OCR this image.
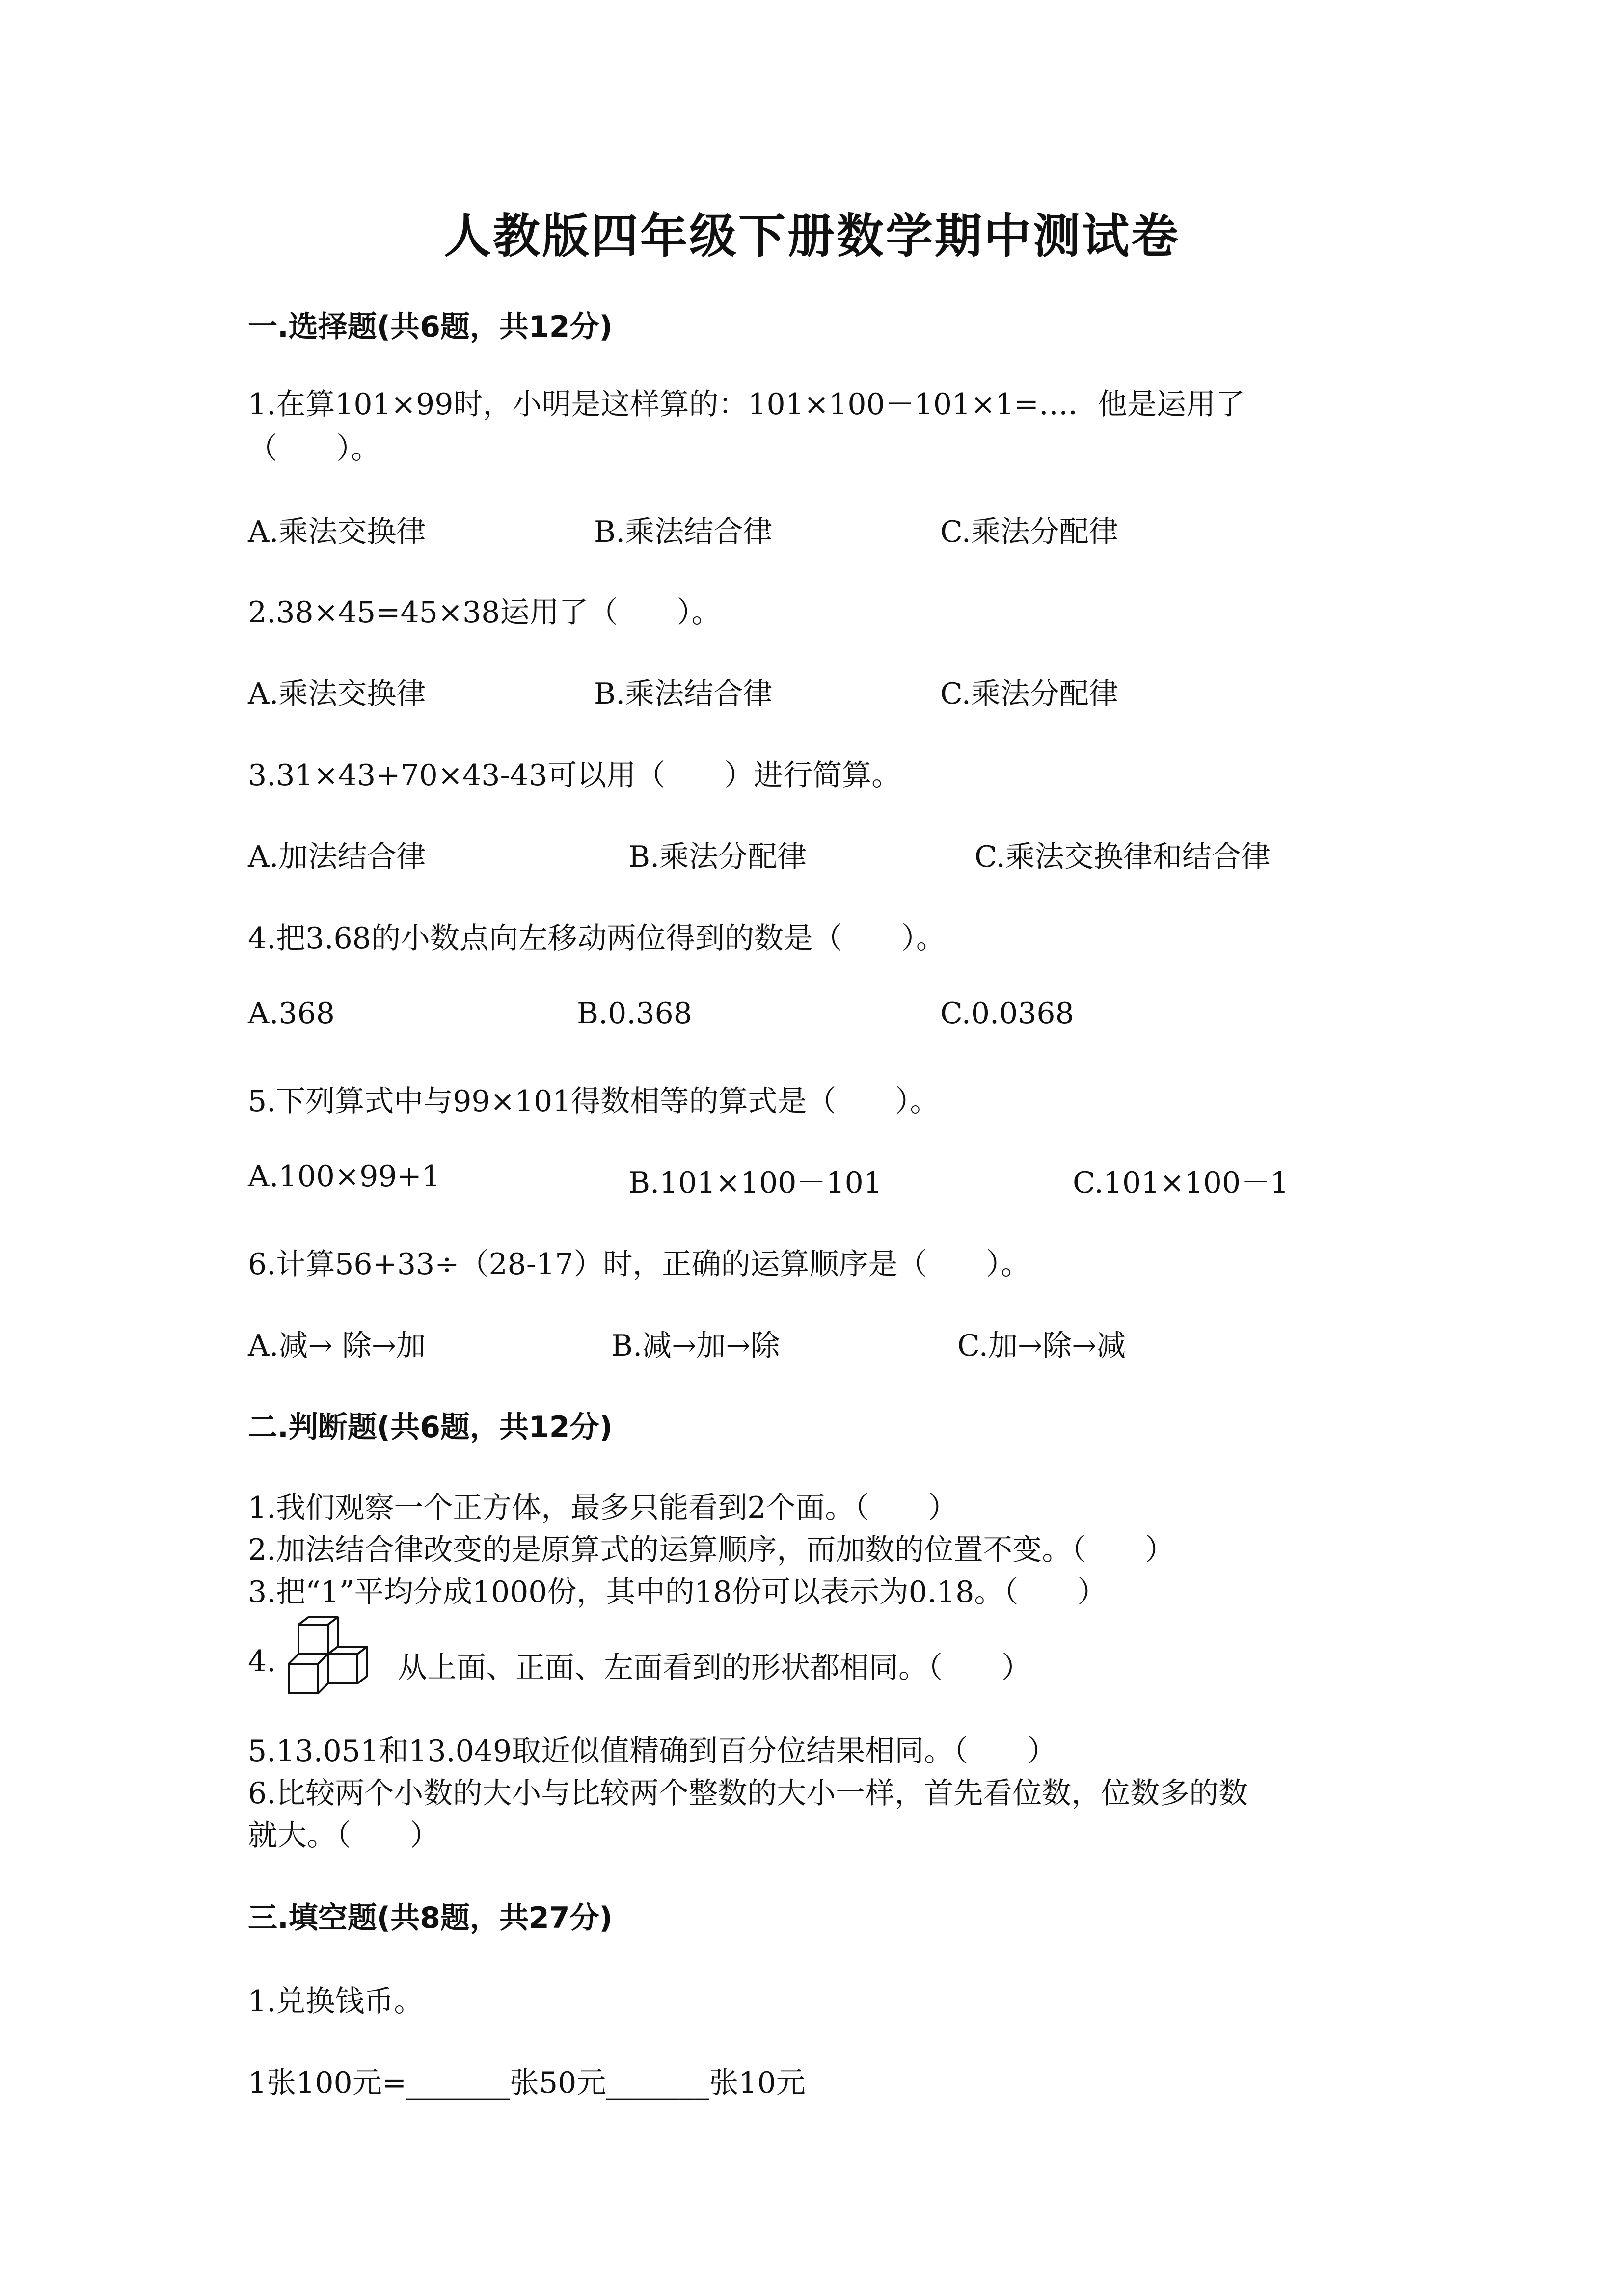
人教版四年级下册数学期中测试卷
一.选择题(共6题，共12分)
1.在算101×99时，小明是这样算的：101×100－101×1=…．他是运用了
（　　）。
A.乘法交换律	B.乘法结合律	C.乘法分配律
2.38×45=45×38运用了（　　）。
A.乘法交换律	B.乘法结合律	C.乘法分配律
3.31×43+70×43-43可以用（　　）进行简算。
A.加法结合律	B.乘法分配律	C.乘法交换律和结合律
4.把3.68的小数点向左移动两位得到的数是（　　）。
A.368	B.0.368	C.0.0368
5.下列算式中与99×101得数相等的算式是（　　）。
A.100×99+1	B.101×100－101	C.101×100－1
6.计算56+33÷（28-17）时，正确的运算顺序是（　　）。
A.减→ 除→加	B.减→加→除	C.加→除→减
二.判断题(共6题，共12分)
1.我们观察一个正方体，最多只能看到2个面。（　　）
2.加法结合律改变的是原算式的运算顺序，而加数的位置不变。（　　）
3.把“1”平均分成1000份，其中的18份可以表示为0.18。（　　）
4.	从上面、正面、左面看到的形状都相同。（　　）
5.13.051和13.049取近似值精确到百分位结果相同。（　　）
6.比较两个小数的大小与比较两个整数的大小一样，首先看位数，位数多的数
就大。（　　）
三.填空题(共8题，共27分)
1.兑换钱币。
1张100元=_______张50元_______张10元
